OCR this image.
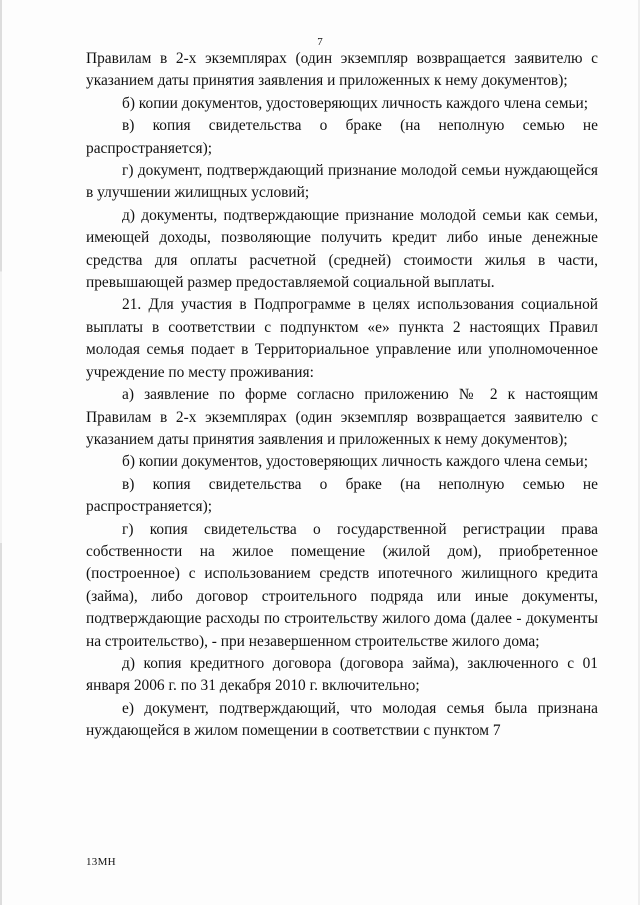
7

Правилам в 2-х экземплярах (один экземпляр возвращается заявителю с указанием даты принятия заявления и приложенных к нему документов);

б) копии документов, удостоверяющих личность каждого члена семьи;

в) копия свидетельства о браке (на неполную семью не распространяется);

г) документ, подтверждающий признание молодой семьи нуждающейся в улучшении жилищных условий;

д) документы, подтверждающие признание молодой семьи как семьи, имеющей доходы, позволяющие получить кредит либо иные денежные средства для оплаты расчетной (средней) стоимости жилья в части, превышающей размер предоставляемой социальной выплаты.

21. Для участия в Подпрограмме в целях использования социальной выплаты в соответствии с подпунктом «е» пункта 2 настоящих Правил молодая семья подает в Территориальное управление или уполномоченное учреждение по месту проживания:

а) заявление по форме согласно приложению № 2 к настоящим Правилам в 2-х экземплярах (один экземпляр возвращается заявителю с указанием даты принятия заявления и приложенных к нему документов);

б) копии документов, удостоверяющих личность каждого члена семьи;

в) копия свидетельства о браке (на неполную семью не распространяется);

г) копия свидетельства о государственной регистрации права собственности на жилое помещение (жилой дом), приобретенное (построенное) с использованием средств ипотечного жилищного кредита (займа), либо договор строительного подряда или иные документы, подтверждающие расходы по строительству жилого дома (далее - документы на строительство), - при незавершенном строительстве жилого дома;

д) копия кредитного договора (договора займа), заключенного с 01 января 2006 г. по 31 декабря 2010 г. включительно;

е) документ, подтверждающий, что молодая семья была признана нуждающейся в жилом помещении в соответствии с пунктом 7

13МН
